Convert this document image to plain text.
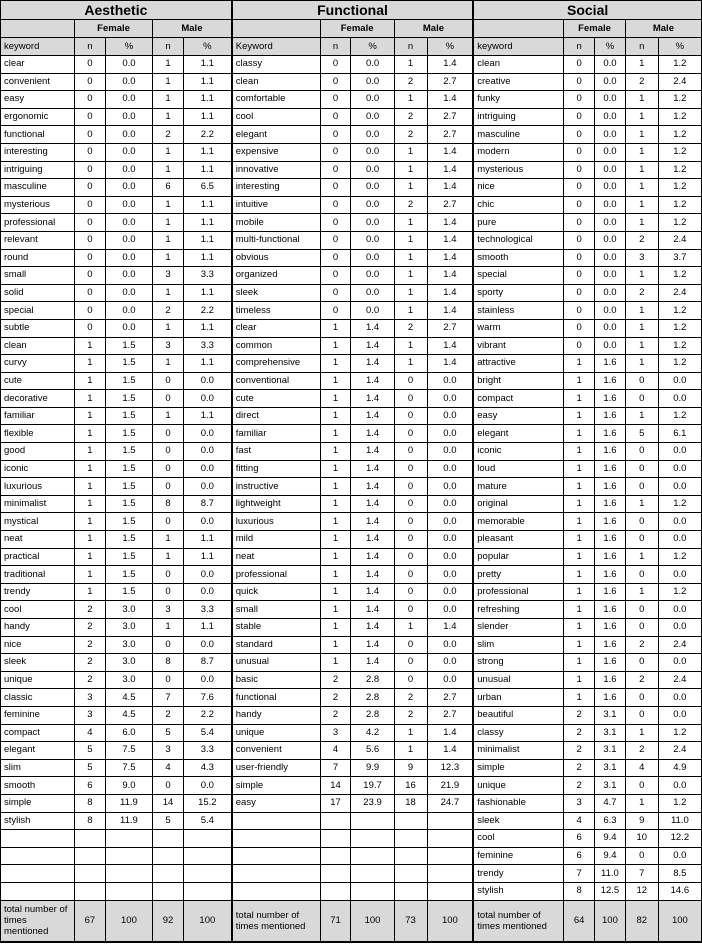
Aesthetic					Functional					Social				
	Female		Male			Female		Male			Female		Male	
keyword	n	%	n	%	Keyword	n	%	n	%	keyword	n	%	n	%
clear	0	0.0	1	1.1	classy	0	0.0	1	1.4	clean	0	0.0	1	1.2
convenient	0	0.0	1	1.1	clean	0	0.0	2	2.7	creative	0	0.0	2	2.4
easy	0	0.0	1	1.1	comfortable	0	0.0	1	1.4	funky	0	0.0	1	1.2
ergonomic	0	0.0	1	1.1	cool	0	0.0	2	2.7	intriguing	0	0.0	1	1.2
functional	0	0.0	2	2.2	elegant	0	0.0	2	2.7	masculine	0	0.0	1	1.2
interesting	0	0.0	1	1.1	expensive	0	0.0	1	1.4	modern	0	0.0	1	1.2
intriguing	0	0.0	1	1.1	innovative	0	0.0	1	1.4	mysterious	0	0.0	1	1.2
masculine	0	0.0	6	6.5	interesting	0	0.0	1	1.4	nice	0	0.0	1	1.2
mysterious	0	0.0	1	1.1	intuitive	0	0.0	2	2.7	chic	0	0.0	1	1.2
professional	0	0.0	1	1.1	mobile	0	0.0	1	1.4	pure	0	0.0	1	1.2
relevant	0	0.0	1	1.1	multi-functional	0	0.0	1	1.4	technological	0	0.0	2	2.4
round	0	0.0	1	1.1	obvious	0	0.0	1	1.4	smooth	0	0.0	3	3.7
small	0	0.0	3	3.3	organized	0	0.0	1	1.4	special	0	0.0	1	1.2
solid	0	0.0	1	1.1	sleek	0	0.0	1	1.4	sporty	0	0.0	2	2.4
special	0	0.0	2	2.2	timeless	0	0.0	1	1.4	stainless	0	0.0	1	1.2
subtle	0	0.0	1	1.1	clear	1	1.4	2	2.7	warm	0	0.0	1	1.2
clean	1	1.5	3	3.3	common	1	1.4	1	1.4	vibrant	0	0.0	1	1.2
curvy	1	1.5	1	1.1	comprehensive	1	1.4	1	1.4	attractive	1	1.6	1	1.2
cute	1	1.5	0	0.0	conventional	1	1.4	0	0.0	bright	1	1.6	0	0.0
decorative	1	1.5	0	0.0	cute	1	1.4	0	0.0	compact	1	1.6	0	0.0
familiar	1	1.5	1	1.1	direct	1	1.4	0	0.0	easy	1	1.6	1	1.2
flexible	1	1.5	0	0.0	familiar	1	1.4	0	0.0	elegant	1	1.6	5	6.1
good	1	1.5	0	0.0	fast	1	1.4	0	0.0	iconic	1	1.6	0	0.0
iconic	1	1.5	0	0.0	fitting	1	1.4	0	0.0	loud	1	1.6	0	0.0
luxurious	1	1.5	0	0.0	instructive	1	1.4	0	0.0	mature	1	1.6	0	0.0
minimalist	1	1.5	8	8.7	lightweight	1	1.4	0	0.0	original	1	1.6	1	1.2
mystical	1	1.5	0	0.0	luxurious	1	1.4	0	0.0	memorable	1	1.6	0	0.0
neat	1	1.5	1	1.1	mild	1	1.4	0	0.0	pleasant	1	1.6	0	0.0
practical	1	1.5	1	1.1	neat	1	1.4	0	0.0	popular	1	1.6	1	1.2
traditional	1	1.5	0	0.0	professional	1	1.4	0	0.0	pretty	1	1.6	0	0.0
trendy	1	1.5	0	0.0	quick	1	1.4	0	0.0	professional	1	1.6	1	1.2
cool	2	3.0	3	3.3	small	1	1.4	0	0.0	refreshing	1	1.6	0	0.0
handy	2	3.0	1	1.1	stable	1	1.4	1	1.4	slender	1	1.6	0	0.0
nice	2	3.0	0	0.0	standard	1	1.4	0	0.0	slim	1	1.6	2	2.4
sleek	2	3.0	8	8.7	unusual	1	1.4	0	0.0	strong	1	1.6	0	0.0
unique	2	3.0	0	0.0	basic	2	2.8	0	0.0	unusual	1	1.6	2	2.4
classic	3	4.5	7	7.6	functional	2	2.8	2	2.7	urban	1	1.6	0	0.0
feminine	3	4.5	2	2.2	handy	2	2.8	2	2.7	beautiful	2	3.1	0	0.0
compact	4	6.0	5	5.4	unique	3	4.2	1	1.4	classy	2	3.1	1	1.2
elegant	5	7.5	3	3.3	convenient	4	5.6	1	1.4	minimalist	2	3.1	2	2.4
slim	5	7.5	4	4.3	user-friendly	7	9.9	9	12.3	simple	2	3.1	4	4.9
smooth	6	9.0	0	0.0	simple	14	19.7	16	21.9	unique	2	3.1	0	0.0
simple	8	11.9	14	15.2	easy	17	23.9	18	24.7	fashionable	3	4.7	1	1.2
stylish	8	11.9	5	5.4						sleek	4	6.3	9	11.0
										cool	6	9.4	10	12.2
										feminine	6	9.4	0	0.0
										trendy	7	11.0	7	8.5
										stylish	8	12.5	12	14.6
total number of times mentioned	67	100	92	100	total number of times mentioned	71	100	73	100	total number of times mentioned	64	100	82	100
